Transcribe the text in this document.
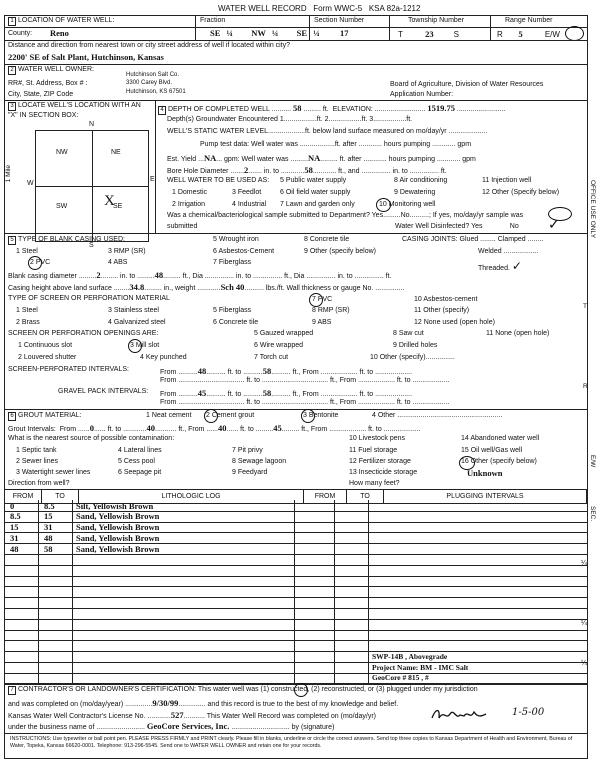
WATER WELL RECORD Form WWC-5 KSA 82a-1212
1 LOCATION OF WATER WELL:	Fraction	Section Number	Township Number	Range Number
County: Reno	SE ¼ NW ¼ SE ¼ 17	T	23	S	R 5	E/W
Distance and direction from nearest town or city street address of well if located within city?
2200' SE of Salt Plant, Hutchinson, Kansas
2 WATER WELL OWNER:
RR#, St. Address, Box # :
City, State, ZIP Code
Hutchinson Salt Co.
3300 Carey Blvd.
Hutchinson, KS 67501
Board of Agriculture, Division of Water Resources
Application Number:
3 LOCATE WELL'S LOCATION WITH AN "X" IN SECTION BOX:
N
NW	NE
SW X
SE
W
E
S
1 Mile
4 DEPTH OF COMPLETED WELL .......... 58 ......... ft. ELEVATION: .......................... 1519.75 .........................
Depth(s) Groundwater Encountered 1.................ft. 2.................ft. 3.................ft.
WELL'S STATIC WATER LEVEL...................ft. below land surface measured on mo/day/yr ....................
Pump test data: Well water was ..................ft. after ............ hours pumping ............ gpm
Est. Yield ...NA... gpm: Well water was .........NA......... ft. after ............ hours pumping ............ gpm
Bore Hole Diameter .......2....... in. to ............58............ ft., and ............... in. to ............... ft.
WELL WATER TO BE USED AS: 5 Public water supply	8 Air conditioning	11 Injection well
1 Domestic	3 Feedlot	6 Oil field water supply	9 Dewatering	12 Other (Specify below)
2 Irrigation	4 Industrial 7 Lawn and garden only	10 Monitoring well
Was a chemical/bacteriological sample submitted to Department? Yes.........No..........; If yes, mo/day/yr sample was
submitted	Water Well Disinfected? Yes	No ✓
5 TYPE OF BLANK CASING USED:
1 Steel	3 RMP (SR)
5 Wrought iron	8 Concrete tile
2 PVC	4 ABS
6 Asbestos-Cement	9 Other (specify below)
7 Fiberglass
CASING JOINTS: Glued ........ Clamped ........
Welded ..................
Threaded. ✓
Blank casing diameter .........2......... in. to .........48......... ft., Dia ............... in. to ............... ft., Dia ............... in. to ............... ft.
Casing height above land surface ........34.8......... in., weight ............Sch 40.......... lbs./ft. Wall thickness or gauge No. ...............
TYPE OF SCREEN OR PERFORATION MATERIAL
1 Steel	3 Stainless steel	5 Fiberglass
7 PVC	10 Asbestos-cement
2 Brass	4 Galvanized steel	6 Concrete tile
8 RMP (SR)	11 Other (specify)
9 ABS	12 None used (open hole)
SCREEN OR PERFORATION OPENINGS ARE:	5 Gauzed wrapped	8 Saw cut	11 None (open hole)
1 Continuous slot	3 Mill slot	6 Wire wrapped	9 Drilled holes
2 Louvered shutter	4 Key punched	7 Torch cut	10 Other (specify)...............
SCREEN-PERFORATED INTERVALS:	From ..........48.......... ft. to ..........58.......... ft., From ................... ft. to ...................
From .................................. ft. to .................................. ft., From ................... ft. to ...................
GRAVEL PACK INTERVALS: From ..........45.......... ft. to ..........58.......... ft., From ................... ft. to ...................
From .................................. ft. to .................................. ft., From ................... ft. to ...................
6 GROUT MATERIAL:	1 Neat cement 2 Cement grout	3 Bentonite	4 Other ......................................................
Grout Intervals: From ......0...... ft. to ............40........... ft., From ......40...... ft. to .........45......... ft., From ................... ft. to ...................
What is the nearest source of possible contamination:	10 Livestock pens	14 Abandoned water well
1 Septic tank	4 Lateral lines	7 Pit privy	11 Fuel storage	15 Oil well/Gas well
2 Sewer lines	5 Cess pool	8 Sewage lagoon	12 Fertilizer storage	16 Other (specify below)
3 Watertight sewer lines	6 Seepage pit	9 Feedyard	13 Insecticide storage	Unknown
Direction from well?	How many feet?
FROM	TO	LITHOLOGIC LOG	FROM	TO	PLUGGING INTERVALS
0	8.5	Silt, Yellowish Brown
8.5	15	Sand, Yellowish Brown
15	31	Sand, Yellowish Brown
31	48	Sand, Yellowish Brown
48	58	Sand, Yellowish Brown
SWP-14B , Abovegrade
Project Name: BM - IMC Salt
GeoCore # 815 , #
7 CONTRACTOR'S OR LANDOWNER'S CERTIFICATION: This water well was (1) constructed, (2) reconstructed, or (3) plugged under my jurisdiction
and was completed on (mo/day/year) ..............9/30/99.............. and this record is true to the best of my knowledge and belief.
Kansas Water Well Contractor's License No. ............527........... This Water Well Record was completed on (mo/day/yr)
under the business name of ......................... GeoCore Services, Inc. .............................. by (signature)
1-5-00
INSTRUCTIONS: Use typewriter or ball point pen. PLEASE PRESS FIRMLY and PRINT clearly. Please fill in blanks, underline or circle the correct answers. Send top three copies to Kansas Department of Health and Environment, Bureau of Water, Topeka, Kansas 66620-0001. Telephone: 913-296-5545. Send one to WATER WELL OWNER and retain one for your records.
OFFICE USE ONLY
T
R
E/W
SEC.
¼
¼
¼
